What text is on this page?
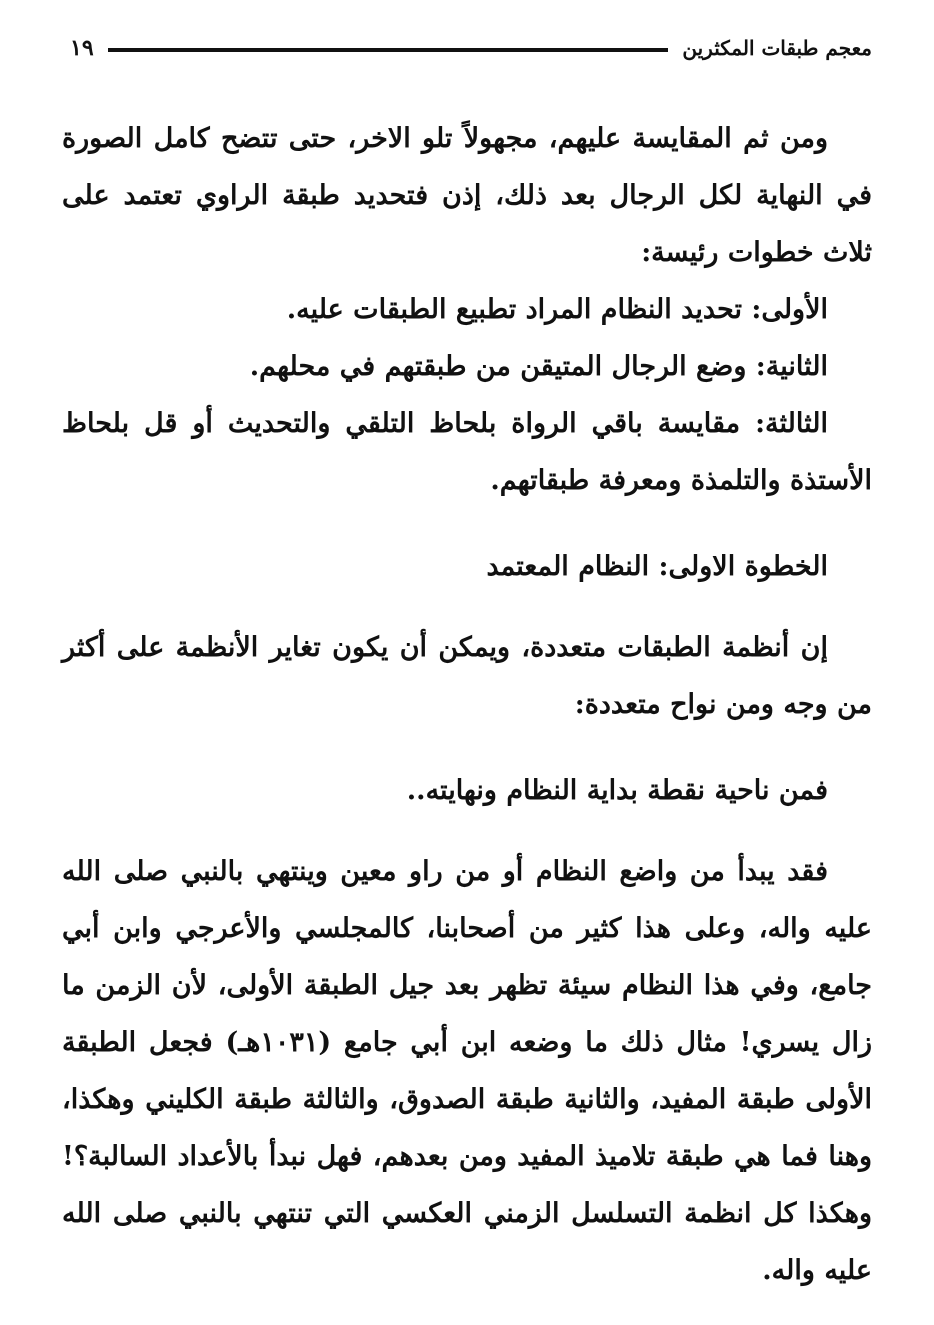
معجم طبقات المكثرين
١٩

ومن ثم المقايسة عليهم، مجهولاً تلو الاخر، حتى تتضح كامل الصورة في النهاية لكل الرجال بعد ذلك، إذن فتحديد طبقة الراوي تعتمد على ثلاث خطوات رئيسة:

الأولى: تحديد النظام المراد تطبيع الطبقات عليه.

الثانية: وضع الرجال المتيقن من طبقتهم في محلهم.

الثالثة: مقايسة باقي الرواة بلحاظ التلقي والتحديث أو قل بلحاظ الأستذة والتلمذة ومعرفة طبقاتهم.

الخطوة الاولى: النظام المعتمد

إن أنظمة الطبقات متعددة، ويمكن أن يكون تغاير الأنظمة على أكثر من وجه ومن نواح متعددة:

فمن ناحية نقطة بداية النظام ونهايته..

فقد يبدأ من واضع النظام أو من راو معين وينتهي بالنبي صلى الله عليه واله، وعلى هذا كثير من أصحابنا، كالمجلسي والأعرجي وابن أبي جامع، وفي هذا النظام سيئة تظهر بعد جيل الطبقة الأولى، لأن الزمن ما زال يسري! مثال ذلك ما وضعه ابن أبي جامع (١٠٣١هـ) فجعل الطبقة الأولى طبقة المفيد، والثانية طبقة الصدوق، والثالثة طبقة الكليني وهكذا، وهنا فما هي طبقة تلاميذ المفيد ومن بعدهم، فهل نبدأ بالأعداد السالبة؟! وهكذا كل انظمة التسلسل الزمني العكسي التي تنتهي بالنبي صلى الله عليه واله.
